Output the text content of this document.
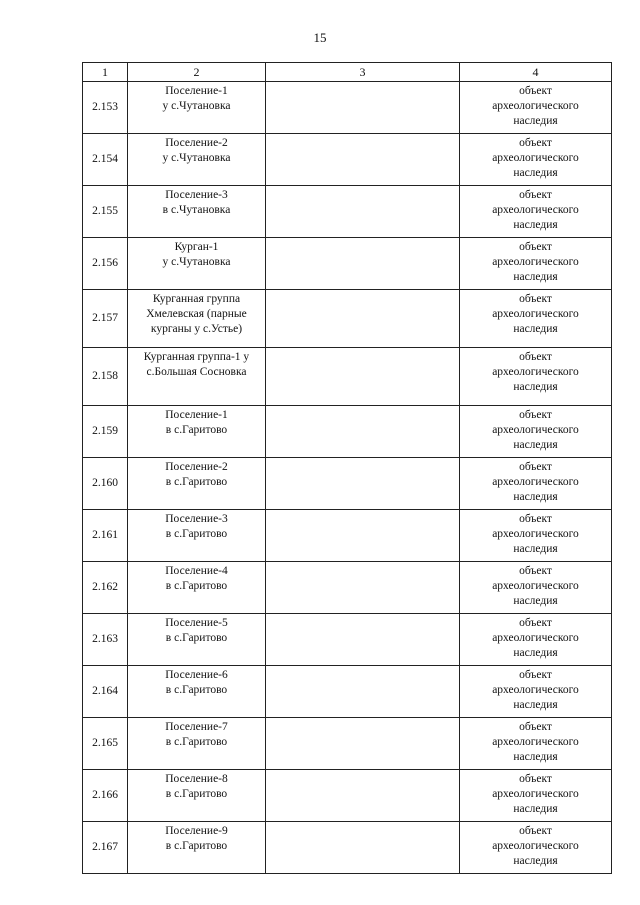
15
1	2	3	4
2.153	Поселение-1
у с.Чутановка		объект
археологического
наследия

2.154	Поселение-2
у с.Чутановка		объект
археологического
наследия

2.155	Поселение-3
в с.Чутановка		объект
археологического
наследия

2.156	Курган-1
у с.Чутановка		объект
археологического
наследия

2.157	Курганная группа
Хмелевская (парные
курганы у с.Устье)		объект
археологического
наследия

2.158	Курганная группа-1 у
с.Большая Сосновка		объект
археологического
наследия

2.159	Поселение-1
в с.Гаритово		объект
археологического
наследия

2.160	Поселение-2
в с.Гаритово		объект
археологического
наследия

2.161	Поселение-3
в с.Гаритово		объект
археологического
наследия

2.162	Поселение-4
в с.Гаритово		объект
археологического
наследия

2.163	Поселение-5
в с.Гаритово		объект
археологического
наследия

2.164	Поселение-6
в с.Гаритово		объект
археологического
наследия

2.165	Поселение-7
в с.Гаритово		объект
археологического
наследия

2.166	Поселение-8
в с.Гаритово		объект
археологического
наследия

2.167	Поселение-9
в с.Гаритово		объект
археологического
наследия
